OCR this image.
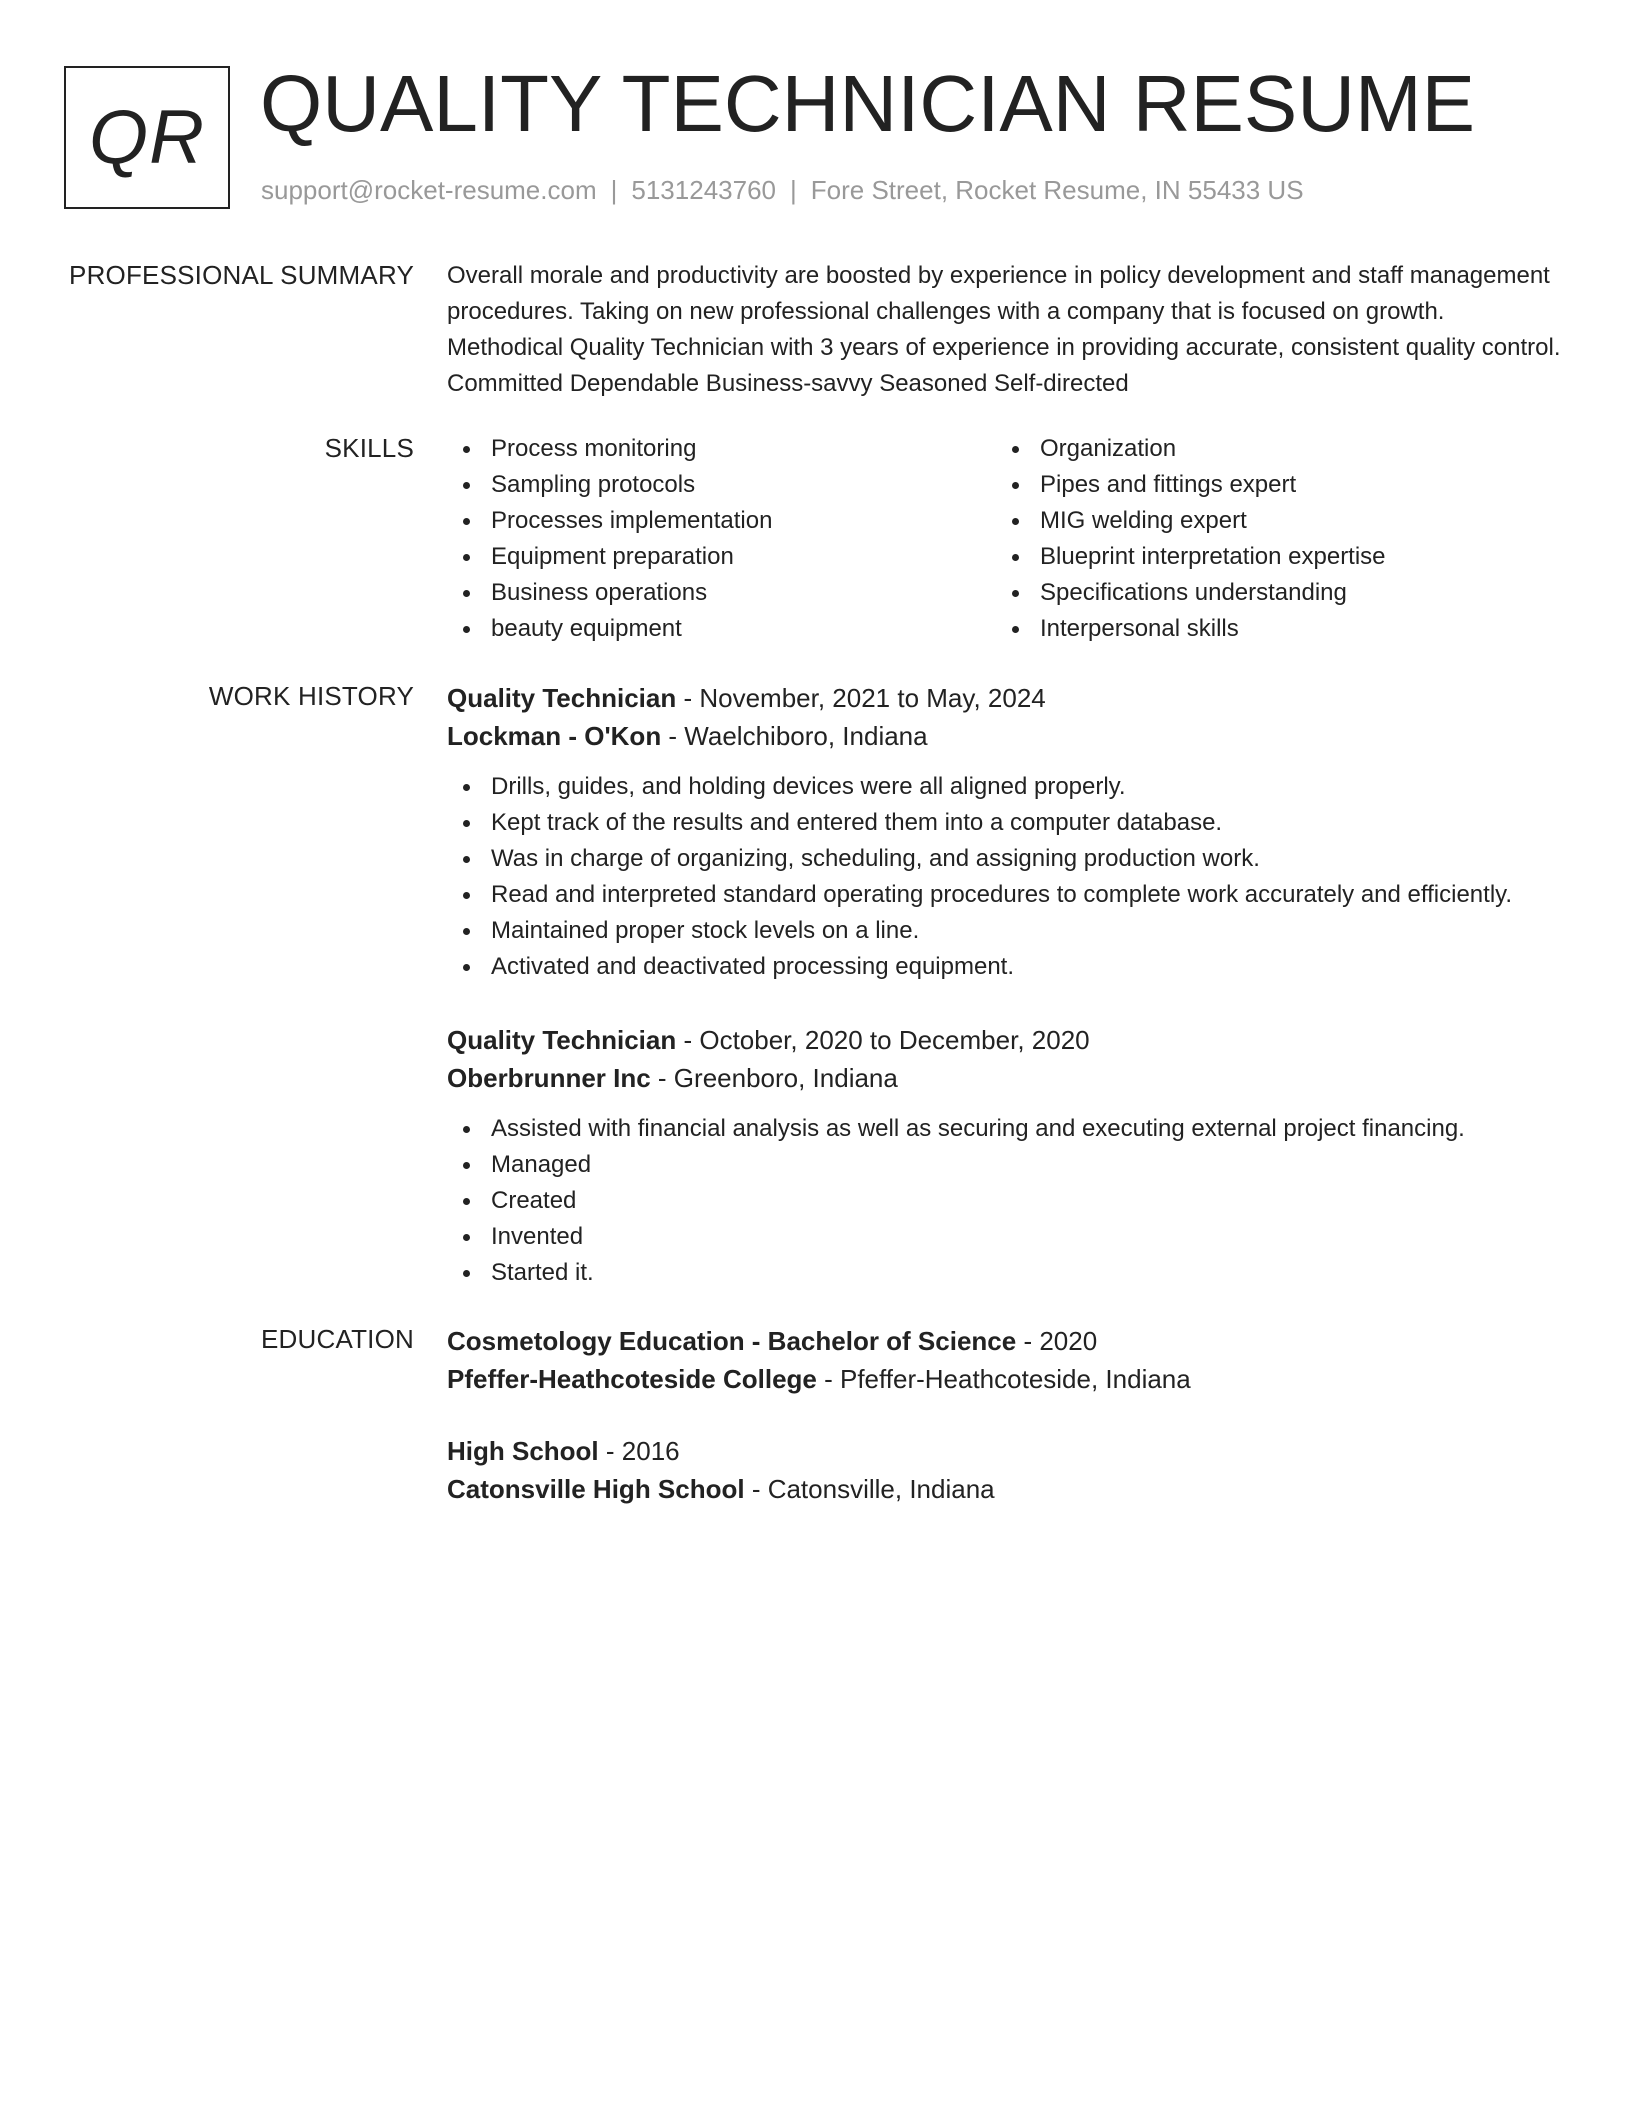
QR QUALITY TECHNICIAN RESUME
support@rocket-resume.com | 5131243760 | Fore Street, Rocket Resume, IN 55433 US
PROFESSIONAL SUMMARY Overall morale and productivity are boosted by experience in policy development and staff management procedures. Taking on new professional challenges with a company that is focused on growth. Methodical Quality Technician with 3 years of experience in providing accurate, consistent quality control. Committed Dependable Business-savvy Seasoned Self-directed
SKILLS	Process monitoring
Sampling protocols
Processes implementation
Equipment preparation
Business operations
beauty equipment
Organization
Pipes and fittings expert
MIG welding expert
Blueprint interpretation expertise
Specifications understanding
Interpersonal skills
WORK HISTORY Quality Technician - November, 2021 to May, 2024
Lockman - O'Kon - Waelchiboro, Indiana
Drills, guides, and holding devices were all aligned properly.
Kept track of the results and entered them into a computer database.
Was in charge of organizing, scheduling, and assigning production work.
Read and interpreted standard operating procedures to complete work accurately and efficiently.
Maintained proper stock levels on a line.
Activated and deactivated processing equipment.
Quality Technician - October, 2020 to December, 2020
Oberbrunner Inc - Greenboro, Indiana
Assisted with financial analysis as well as securing and executing external project financing.
Managed
Created
Invented
Started it.
EDUCATION Cosmetology Education - Bachelor of Science - 2020
Pfeffer-Heathcoteside College - Pfeffer-Heathcoteside, Indiana
High School - 2016
Catonsville High School - Catonsville, Indiana
